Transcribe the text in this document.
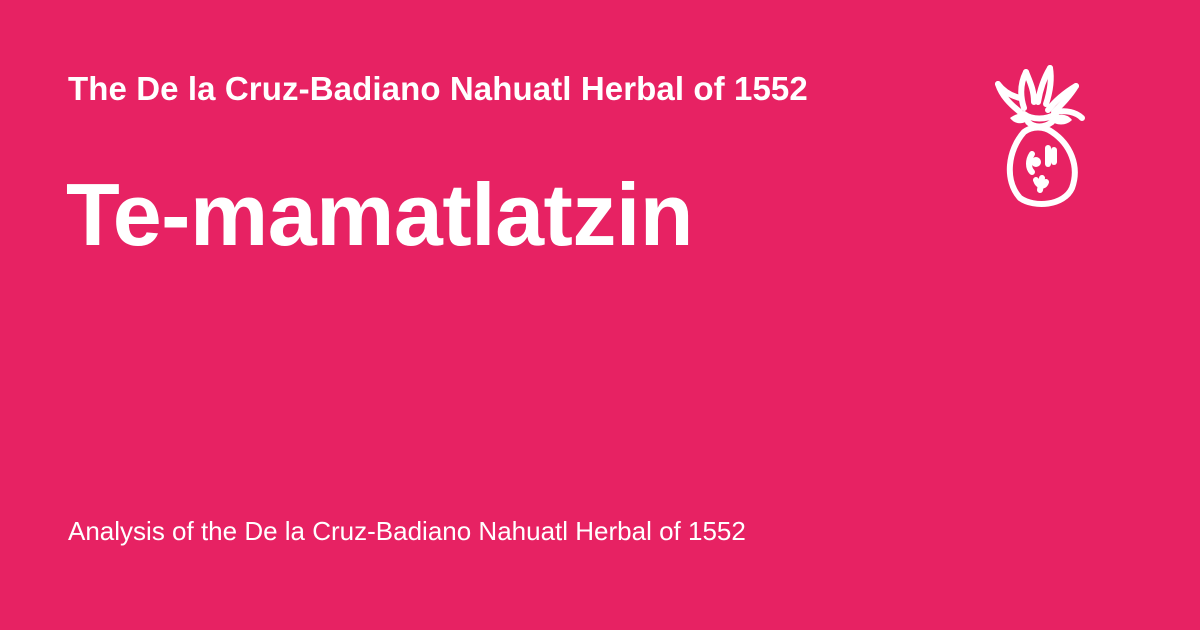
The De la Cruz-Badiano Nahuatl Herbal of 1552
Te-mamatlatzin

Analysis of the De la Cruz-Badiano Nahuatl Herbal of 1552
